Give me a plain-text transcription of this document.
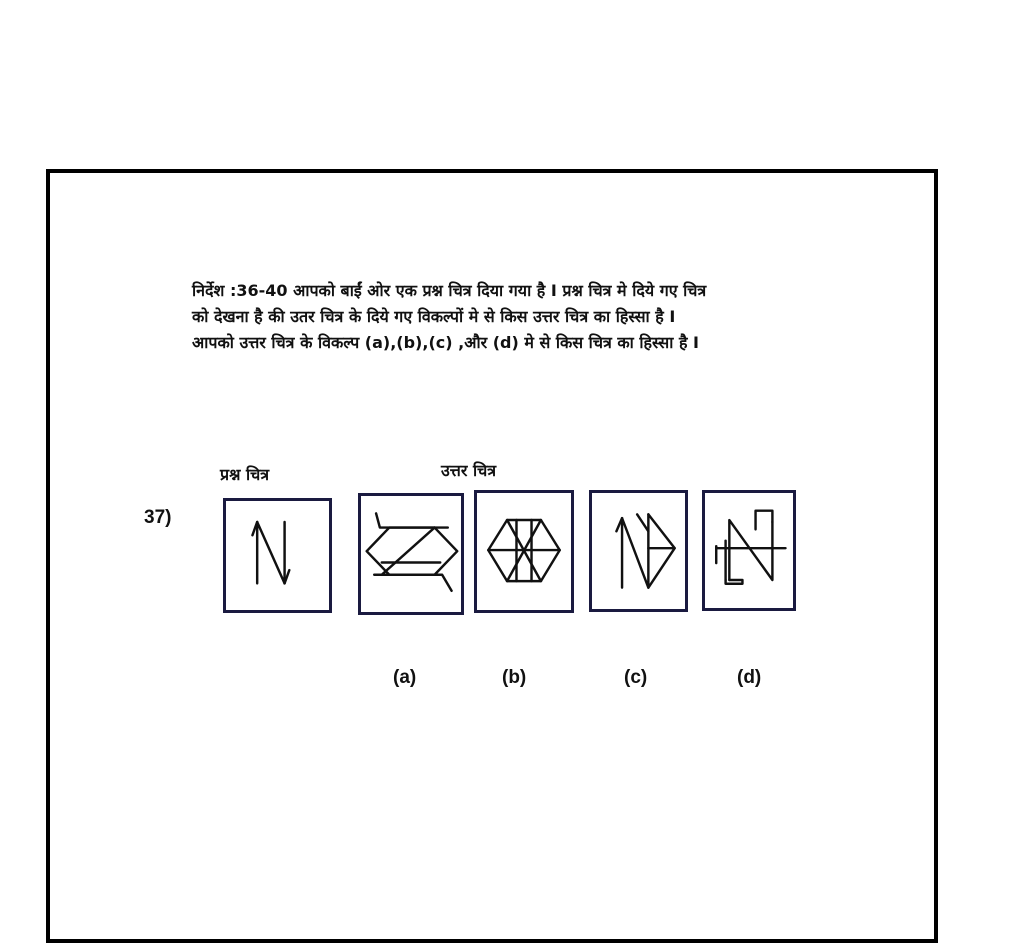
निर्देश :36-40 आपको बाईं ओर एक प्रश्न चित्र दिया गया है I प्रश्न चित्र मे दिये गए चित्र
को देखना है की उतर चित्र के दिये गए विकल्पों मे से किस उत्तर चित्र का हिस्सा है I
आपको उत्तर चित्र के विकल्प (a),(b),(c) ,और (d) मे से किस चित्र का हिस्सा है I
प्रश्न चित्र	उत्तर चित्र
37)
(a)	(b)	(c)	(d)
